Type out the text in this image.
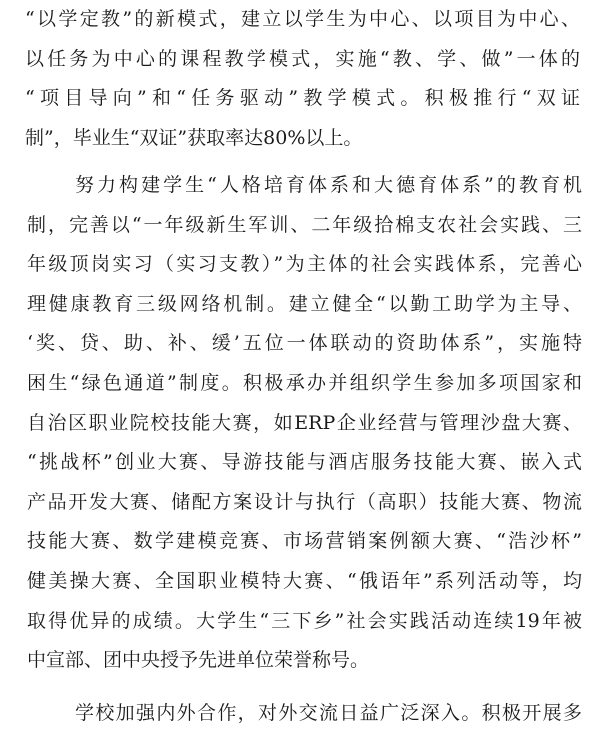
“以学定教”的新模式，建立以学生为中心、以项目为中心、
以任务为中心的课程教学模式，实施“教、学、做”一体的
“项目导向”和“任务驱动”教学模式。积极推行“双证
制”，毕业生“双证”获取率达80%以上。
努力构建学生“人格培育体系和大德育体系”的教育机
制，完善以“一年级新生军训、二年级拾棉支农社会实践、三
年级顶岗实习（实习支教）”为主体的社会实践体系，完善心
理健康教育三级网络机制。建立健全“以勤工助学为主导、
‘奖、贷、助、补、缓’五位一体联动的资助体系”，实施特
困生“绿色通道”制度。积极承办并组织学生参加多项国家和
自治区职业院校技能大赛，如ERP企业经营与管理沙盘大赛、
“挑战杯”创业大赛、导游技能与酒店服务技能大赛、嵌入式
产品开发大赛、储配方案设计与执行（高职）技能大赛、物流
技能大赛、数学建模竞赛、市场营销案例额大赛、“浩沙杯”
健美操大赛、全国职业模特大赛、“俄语年”系列活动等，均
取得优异的成绩。大学生“三下乡”社会实践活动连续19年被
中宣部、团中央授予先进单位荣誉称号。
学校加强内外合作，对外交流日益广泛深入。积极开展多
